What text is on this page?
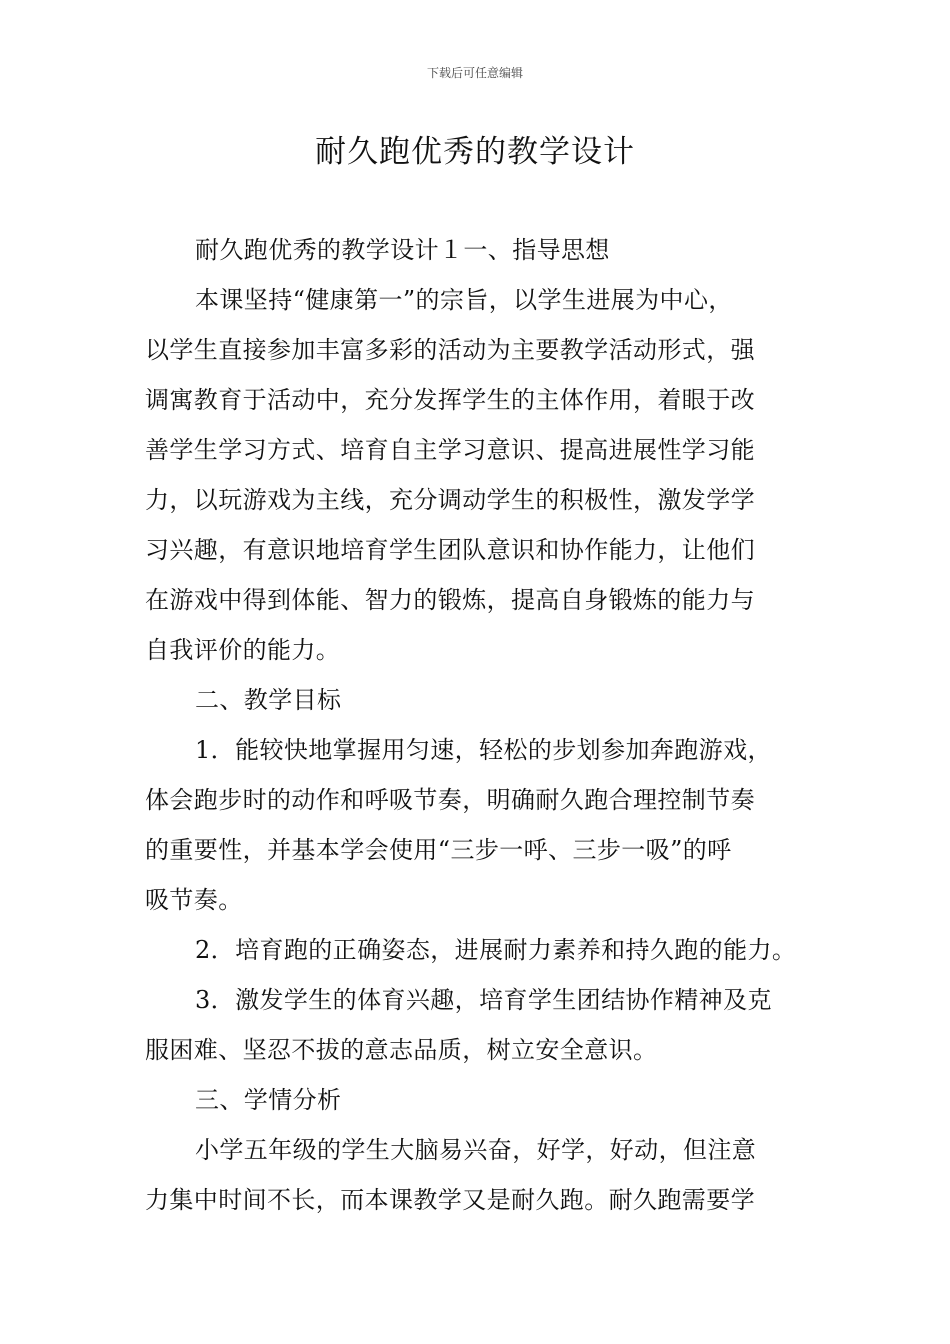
下载后可任意编辑
耐久跑优秀的教学设计
耐久跑优秀的教学设计１一、指导思想
本课坚持“健康第一”的宗旨，以学生进展为中心，
以学生直接参加丰富多彩的活动为主要教学活动形式，强
调寓教育于活动中，充分发挥学生的主体作用，着眼于改
善学生学习方式、培育自主学习意识、提高进展性学习能
力，以玩游戏为主线，充分调动学生的积极性，激发学学
习兴趣，有意识地培育学生团队意识和协作能力，让他们
在游戏中得到体能、智力的锻炼，提高自身锻炼的能力与
自我评价的能力。
二、教学目标
1．能较快地掌握用匀速，轻松的步划参加奔跑游戏，
体会跑步时的动作和呼吸节奏，明确耐久跑合理控制节奏
的重要性，并基本学会使用“三步一呼、三步一吸”的呼
吸节奏。
2．培育跑的正确姿态，进展耐力素养和持久跑的能力。
3．激发学生的体育兴趣，培育学生团结协作精神及克
服困难、坚忍不拔的意志品质，树立安全意识。
三、学情分析
小学五年级的学生大脑易兴奋，好学，好动，但注意
力集中时间不长，而本课教学又是耐久跑。耐久跑需要学
